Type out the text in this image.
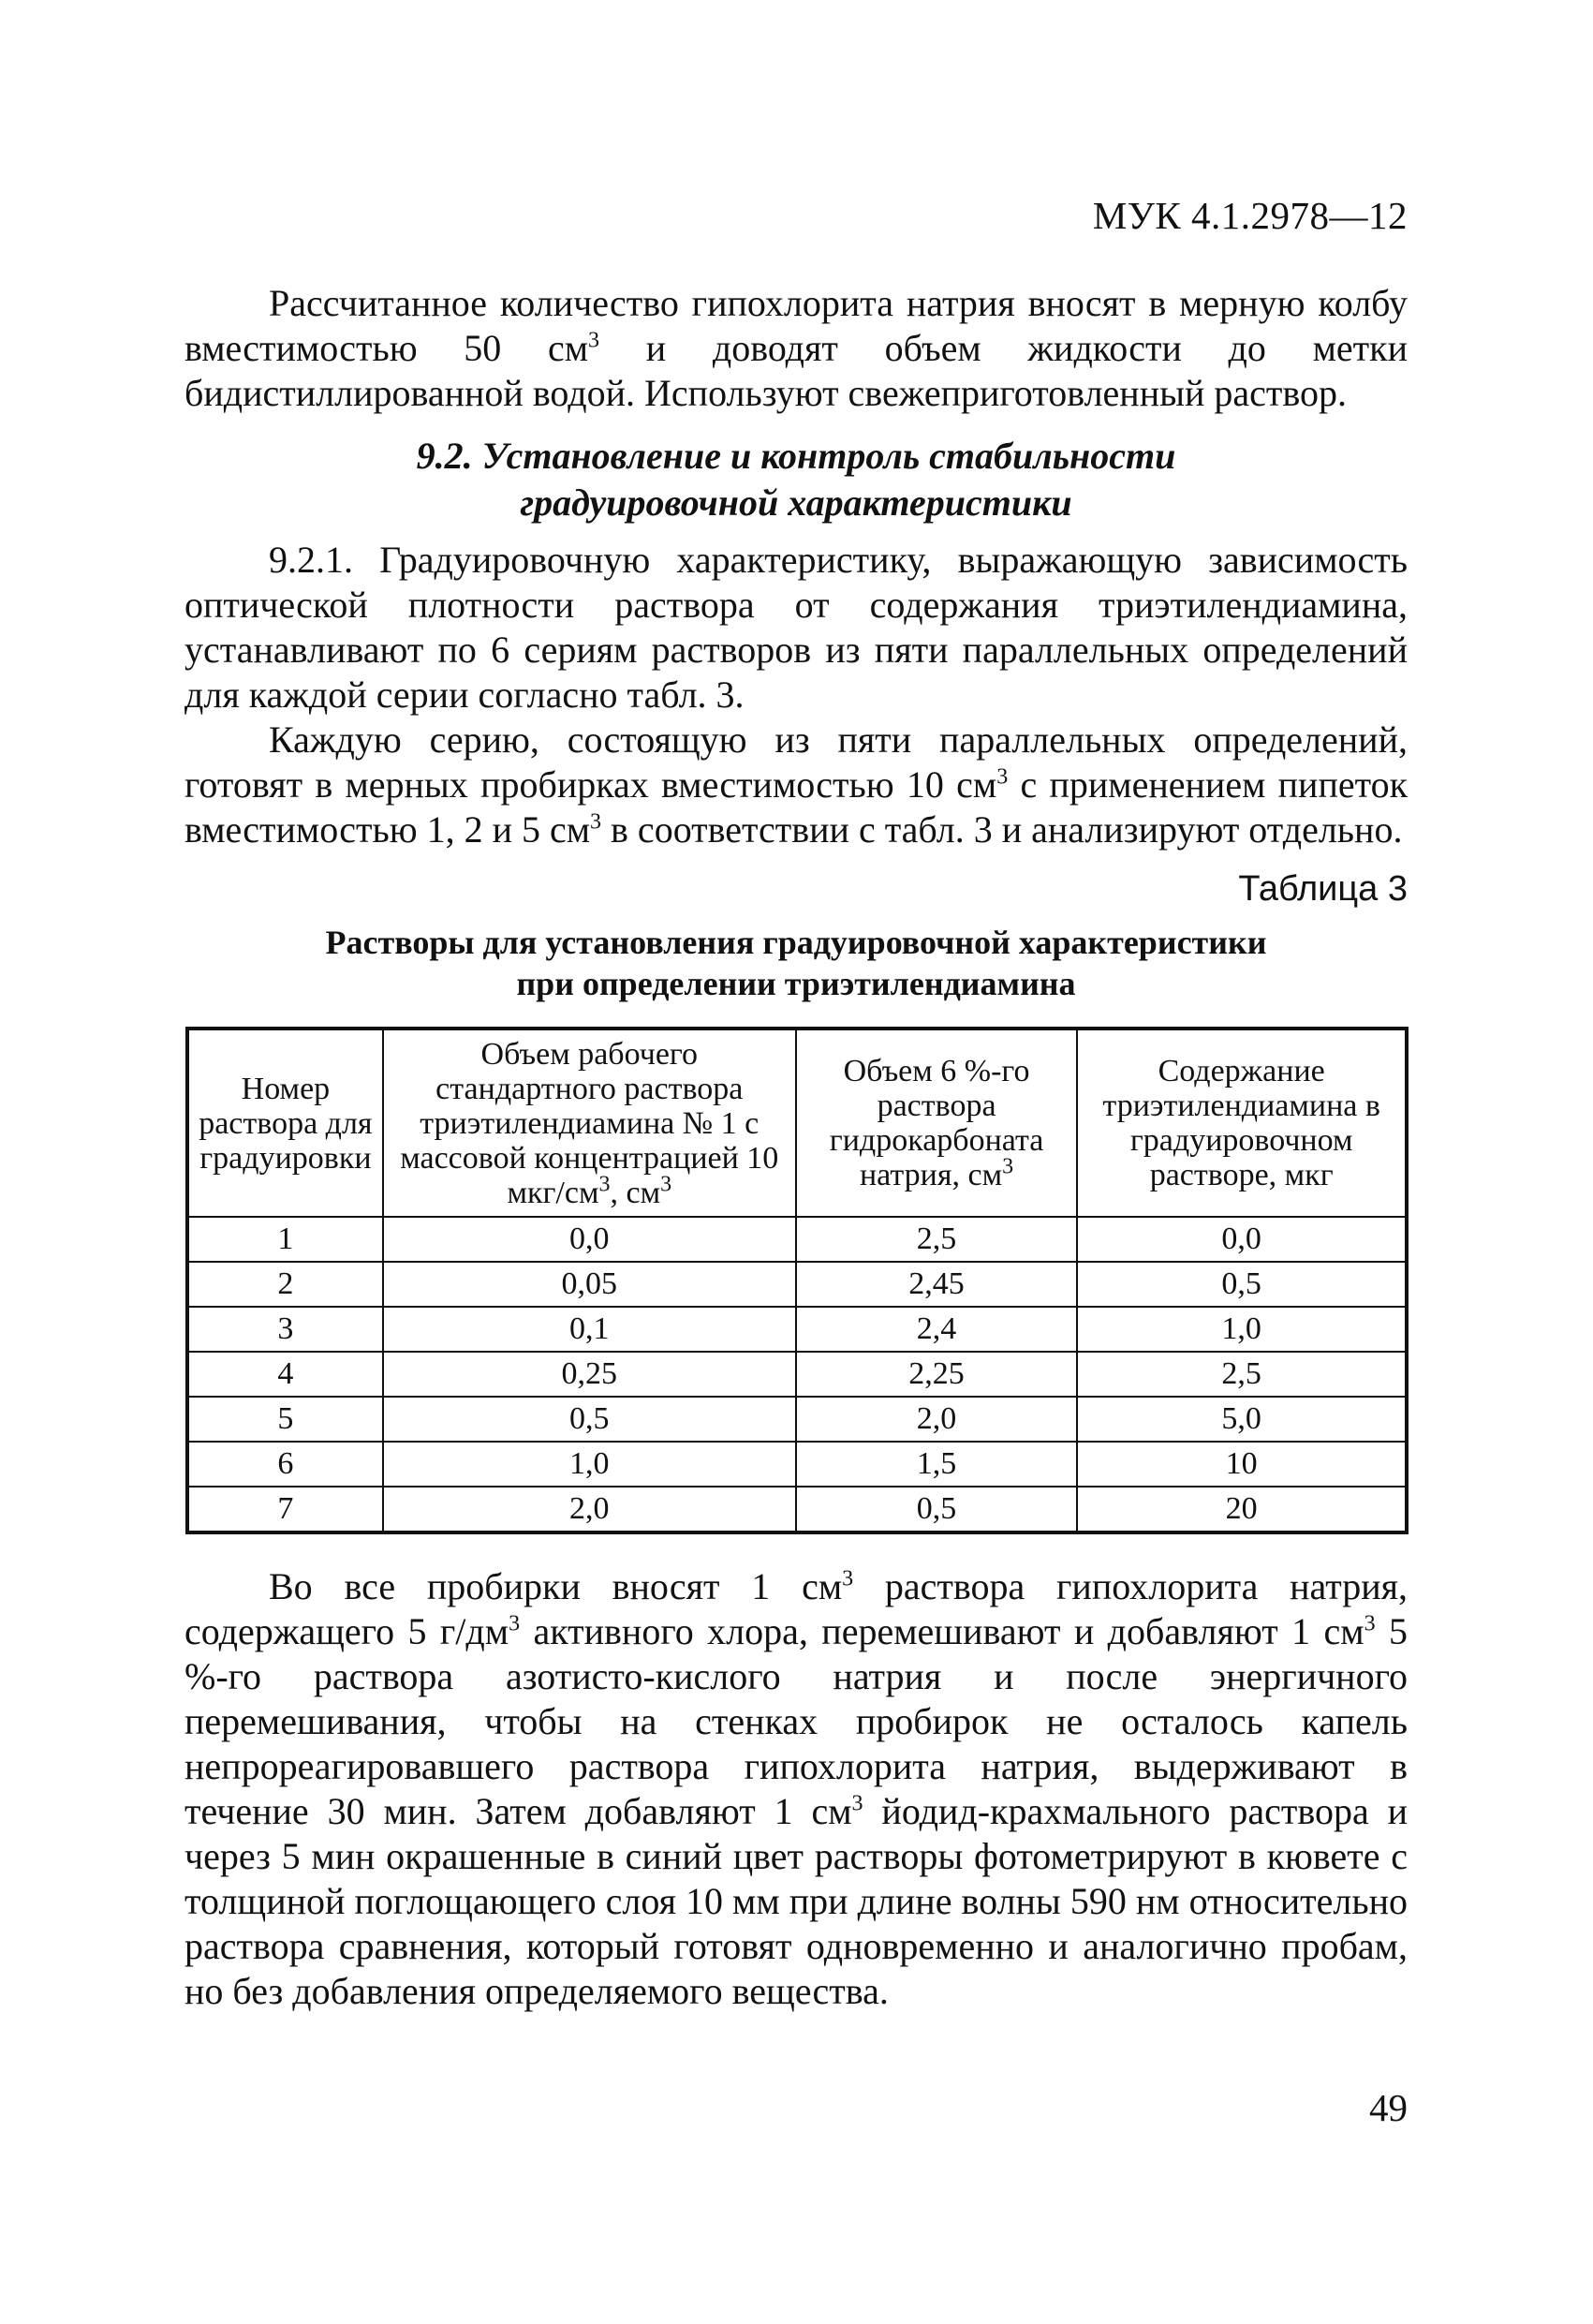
МУК 4.1.2978—12

Рассчитанное количество гипохлорита натрия вносят в мерную колбу вместимостью 50 $см^3$ и доводят объем жидкости до метки бидистиллированной водой. Используют свежеприготовленный раствор.

9.2. Установление и контроль стабильности
градуировочной характеристики

9.2.1. Градуировочную характеристику, выражающую зависимость оптической плотности раствора от содержания триэтилендиамина, устанавливают по 6 сериям растворов из пяти параллельных определений для каждой серии согласно табл. 3.

Каждую серию, состоящую из пяти параллельных определений, готовят в мерных пробирках вместимостью 10 $см^3$ с применением пипеток вместимостью 1, 2 и 5 $см^3$ в соответствии с табл. 3 и анализируют отдельно.

Таблица 3
Растворы для установления градуировочной характеристики
при определении триэтилендиамина
Номер раствора для градуировки	Объем рабочего стандартного раствора триэтилендиамина № 1 с массовой концентрацией 10 мкг/$см^3$, $см^3$	Объем 6 %-го раствора гидрокарбоната натрия, $см^3$	Содержание триэтилендиамина в градуировочном растворе, мкг
1	0,0	2,5	0,0
2	0,05	2,45	0,5
3	0,1	2,4	1,0
4	0,25	2,25	2,5
5	0,5	2,0	5,0
6	1,0	1,5	10
7	2,0	0,5	20

Во все пробирки вносят 1 $см^3$ раствора гипохлорита натрия, содержащего 5 $г/дм^3$ активного хлора, перемешивают и добавляют 1 $см^3$ 5 %-го раствора азотисто-кислого натрия и после энергичного перемешивания, чтобы на стенках пробирок не осталось капель непрореагировавшего раствора гипохлорита натрия, выдерживают в течение 30 мин. Затем добавляют 1 $см^3$ йодид-крахмального раствора и через 5 мин окрашенные в синий цвет растворы фотометрируют в кювете с толщиной поглощающего слоя 10 мм при длине волны 590 нм относительно раствора сравнения, который готовят одновременно и аналогично пробам, но без добавления определяемого вещества.

49
